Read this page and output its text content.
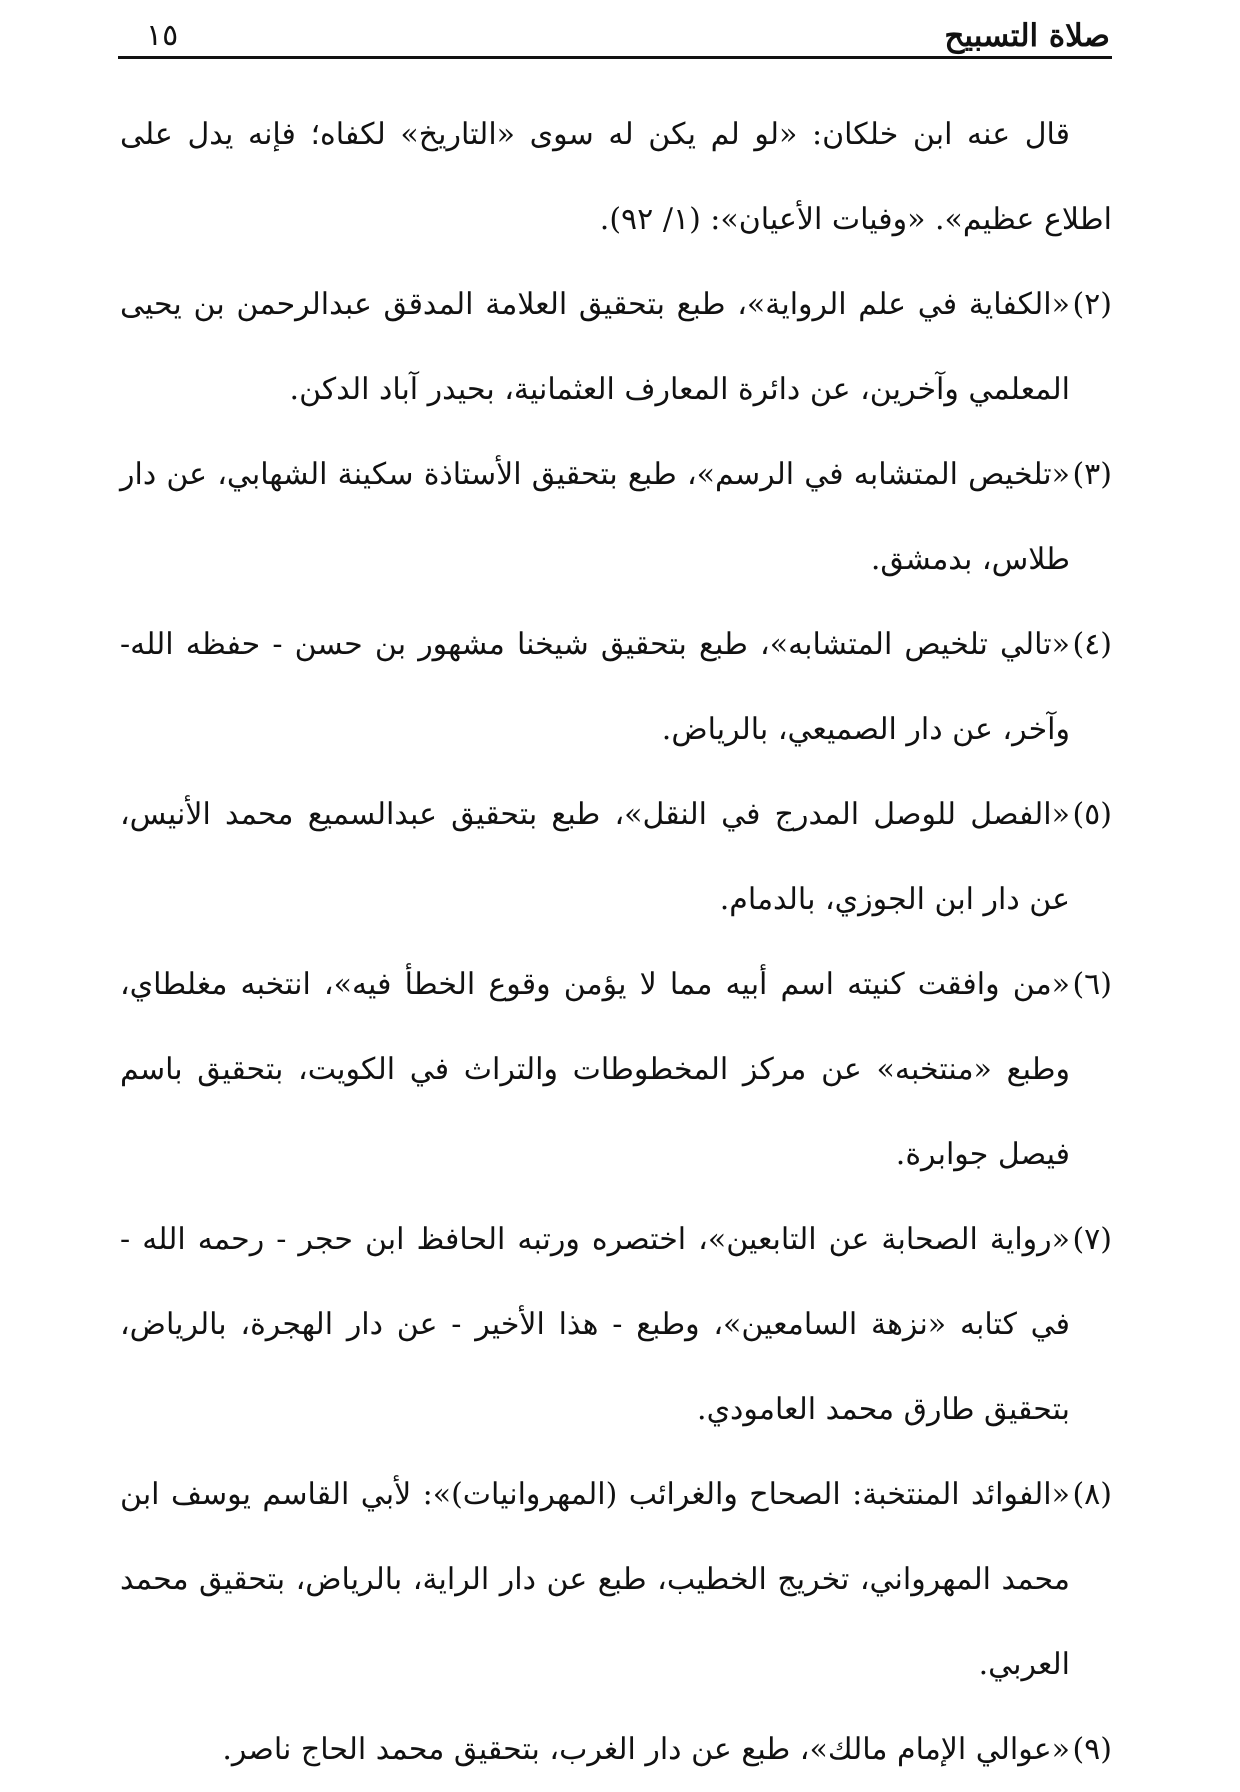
صلاة التسبيح
١٥

قال عنه ابن خلكان: «لو لم يكن له سوى «التاريخ» لكفاه؛ فإنه يدل على اطلاع عظيم». «وفيات الأعيان»: (١/ ٩٢).

(٢)«الكفاية في علم الرواية»، طبع بتحقيق العلامة المدقق عبدالرحمن بن يحيى المعلمي وآخرين، عن دائرة المعارف العثمانية، بحيدر آباد الدكن.

(٣)«تلخيص المتشابه في الرسم»، طبع بتحقيق الأستاذة سكينة الشهابي، عن دار طلاس، بدمشق.

(٤)«تالي تلخيص المتشابه»، طبع بتحقيق شيخنا مشهور بن حسن - حفظه الله- وآخر، عن دار الصميعي، بالرياض.

(٥)«الفصل للوصل المدرج في النقل»، طبع بتحقيق عبدالسميع محمد الأنيس، عن دار ابن الجوزي، بالدمام.

(٦)«من وافقت كنيته اسم أبيه مما لا يؤمن وقوع الخطأ فيه»، انتخبه مغلطاي، وطبع «منتخبه» عن مركز المخطوطات والتراث في الكويت، بتحقيق باسم فيصل جوابرة.

(٧)«رواية الصحابة عن التابعين»، اختصره ورتبه الحافظ ابن حجر - رحمه الله - في كتابه «نزهة السامعين»، وطبع - هذا الأخير - عن دار الهجرة، بالرياض، بتحقيق طارق محمد العامودي.

(٨)«الفوائد المنتخبة: الصحاح والغرائب (المهروانيات)»: لأبي القاسم يوسف ابن محمد المهرواني، تخريج الخطيب، طبع عن دار الراية، بالرياض، بتحقيق محمد العربي.

(٩)«عوالي الإمام مالك»، طبع عن دار الغرب، بتحقيق محمد الحاج ناصر.
